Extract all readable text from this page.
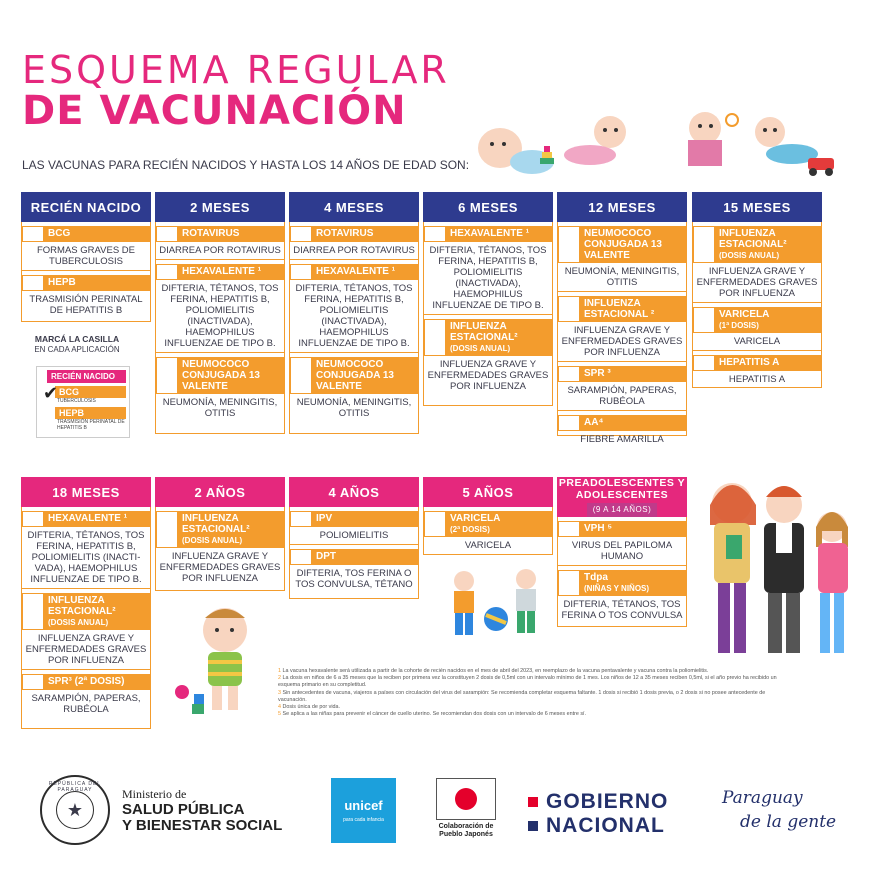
ESQUEMA REGULAR
DE VACUNACIÓN
LAS VACUNAS PARA RECIÉN NACIDOS Y HASTA LOS 14 AÑOS DE EDAD SON:
RECIÉN NACIDO
BCG
FORMAS GRAVES DE TUBERCULOSIS
HEPB
TRASMISIÓN PERINATAL DE HEPATITIS B
MARCÁ LA CASILLA
EN CADA APLICACIÓN
RECIÉN NACIDO
✔ BCG
TUBERCULOSIS
HEPB
TRASMISIÓN PERINATAL DE HEPATITIS B
2 MESES
ROTAVIRUS
DIARREA POR ROTAVIRUS
HEXAVALENTE ¹
DIFTERIA, TÉTANOS, TOS FERINA, HEPATITIS B, POLIOMIELITIS (INACTIVADA), HAEMOPHILUS INFLUENZAE DE TIPO B.
NEUMOCOCO CONJUGADA 13 VALENTE
NEUMONÍA, MENINGITIS, OTITIS
4 MESES
ROTAVIRUS
DIARREA POR ROTAVIRUS
HEXAVALENTE ¹
DIFTERIA, TÉTANOS, TOS FERINA, HEPATITIS B, POLIOMIELITIS (INACTIVADA), HAEMOPHILUS INFLUENZAE DE TIPO B.
NEUMOCOCO CONJUGADA 13 VALENTE
NEUMONÍA, MENINGITIS, OTITIS
6 MESES
HEXAVALENTE ¹
DIFTERIA, TÉTANOS, TOS FERINA, HEPATITIS B, POLIOMIELITIS (INACTIVADA), HAEMOPHILUS INFLUENZAE DE TIPO B.
INFLUENZA ESTACIONAL²
(DOSIS ANUAL)
INFLUENZA GRAVE Y ENFERMEDADES GRAVES POR INFLUENZA
12 MESES
NEUMOCOCO CONJUGADA 13 VALENTE
NEUMONÍA, MENINGITIS, OTITIS
INFLUENZA ESTACIONAL ²
INFLUENZA GRAVE Y ENFERMEDADES GRAVES POR INFLUENZA
SPR ³
SARAMPIÓN, PAPERAS, RUBÉOLA
AA⁴
FIEBRE AMARILLA
15 MESES
INFLUENZA ESTACIONAL²
(DOSIS ANUAL)
INFLUENZA GRAVE Y ENFERMEDADES GRAVES POR INFLUENZA
VARICELA
(1ª DOSIS)
VARICELA
HEPATITIS A
HEPATITIS A
18 MESES
HEXAVALENTE ¹
DIFTERIA, TÉTANOS, TOS FERINA, HEPATITIS B, POLIOMIELITIS (INACTI-VADA), HAEMOPHILUS INFLUENZAE DE TIPO B.
INFLUENZA ESTACIONAL²
(DOSIS ANUAL)
INFLUENZA GRAVE Y ENFERMEDADES GRAVES POR INFLUENZA
SPR³ (2ª DOSIS)
SARAMPIÓN, PAPERAS, RUBÉOLA
2 AÑOS
INFLUENZA ESTACIONAL²
(DOSIS ANUAL)
INFLUENZA GRAVE Y ENFERMEDADES GRAVES POR INFLUENZA
4 AÑOS
IPV
POLIOMIELITIS
DPT
DIFTERIA, TOS FERINA O TOS CONVULSA, TÉTANO
5 AÑOS
VARICELA
(2ª DOSIS)
VARICELA
PREADOLESCENTES Y ADOLESCENTES
(9 A 14 AÑOS)
VPH ⁵
VIRUS DEL PAPILOMA HUMANO
Tdpa
(NIÑAS Y NIÑOS)
DIFTERIA, TÉTANOS, TOS FERINA O TOS CONVULSA
1 La vacuna hexavalente será utilizada a partir de la cohorte de recién nacidos en el mes de abril del 2023, en reemplazo de la vacuna pentavalente y vacuna contra la poliomielitis.
2 La dosis en niños de 6 a 35 meses que la reciben por primera vez la constituyen 2 dosis de 0,5ml con un intervalo mínimo de 1 mes. Los niños de 12 a 35 meses reciben 0,5ml, si el año previo ha recibido un esquema primario en su completitud.
3 Sin antecedentes de vacuna, viajeros a países con circulación del virus del sarampión: Se recomienda completar esquema faltante. 1 dosis si recibió 1 dosis previa, o 2 dosis si no posee antecedente de vacunación.
4 Dosis única de por vida.
5 Se aplica a las niñas para prevenir el cáncer de cuello uterino. Se recomiendan dos dosis con un intervalo de 6 meses entre sí.
REPÚBLICA DEL PARAGUAY
★
Ministerio de
SALUD PÚBLICA
Y BIENESTAR SOCIAL
unicef
para cada infancia
Colaboración de
Pueblo Japonés
GOBIERNO
NACIONAL
Paraguay
de la gente
